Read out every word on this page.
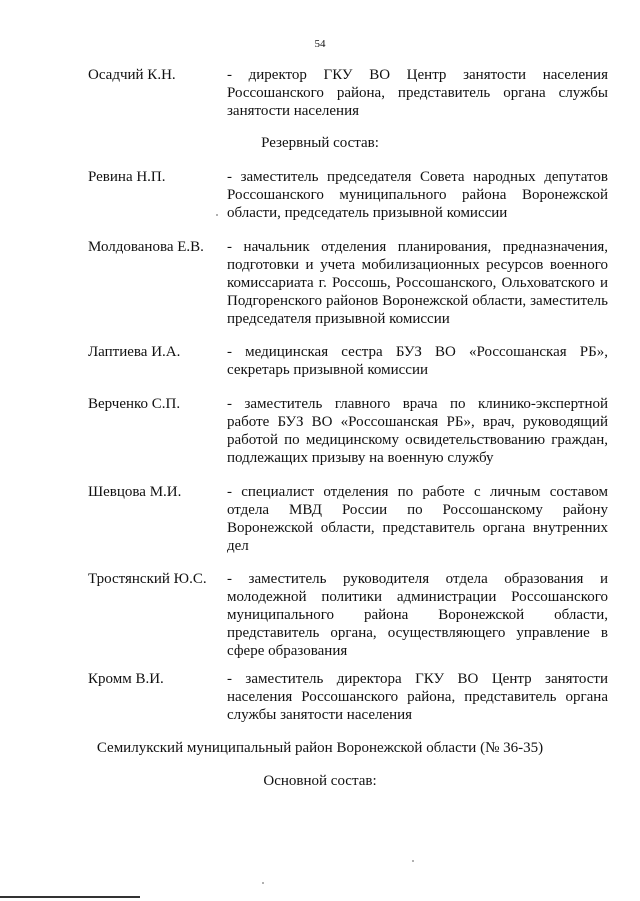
54
Осадчий К.Н.	- директор ГКУ ВО Центр занятости населения Россошанского района, представитель органа службы занятости населения
Резервный состав:
Ревина Н.П.	- заместитель председателя Совета народных депутатов Россошанского муниципального района Воронежской области, председатель призывной комиссии
Молдованова Е.В.	- начальник отделения планирования, предназначения, подготовки и учета мобилизационных ресурсов военного комиссариата г. Россошь, Россошанского, Ольховатского и Подгоренского районов Воронежской области, заместитель председателя призывной комиссии
Лаптиева И.А.	- медицинская сестра БУЗ ВО «Россошанская РБ», секретарь призывной комиссии
Верченко С.П.	- заместитель главного врача по клинико-экспертной работе БУЗ ВО «Россошанская РБ», врач, руководящий работой по медицинскому освидетельствованию граждан, подлежащих призыву на военную службу
Шевцова М.И.	- специалист отделения по работе с личным составом отдела МВД России по Россошанскому району Воронежской области, представитель органа внутренних дел
Тростянский Ю.С.	- заместитель руководителя отдела образования и молодежной политики администрации Россошанского муниципального района Воронежской области, представитель органа, осуществляющего управление в сфере образования
Кромм В.И.	- заместитель директора ГКУ ВО Центр занятости населения Россошанского района, представитель органа службы занятости населения
Семилукский муниципальный район Воронежской области (№ 36-35)
Основной состав:
